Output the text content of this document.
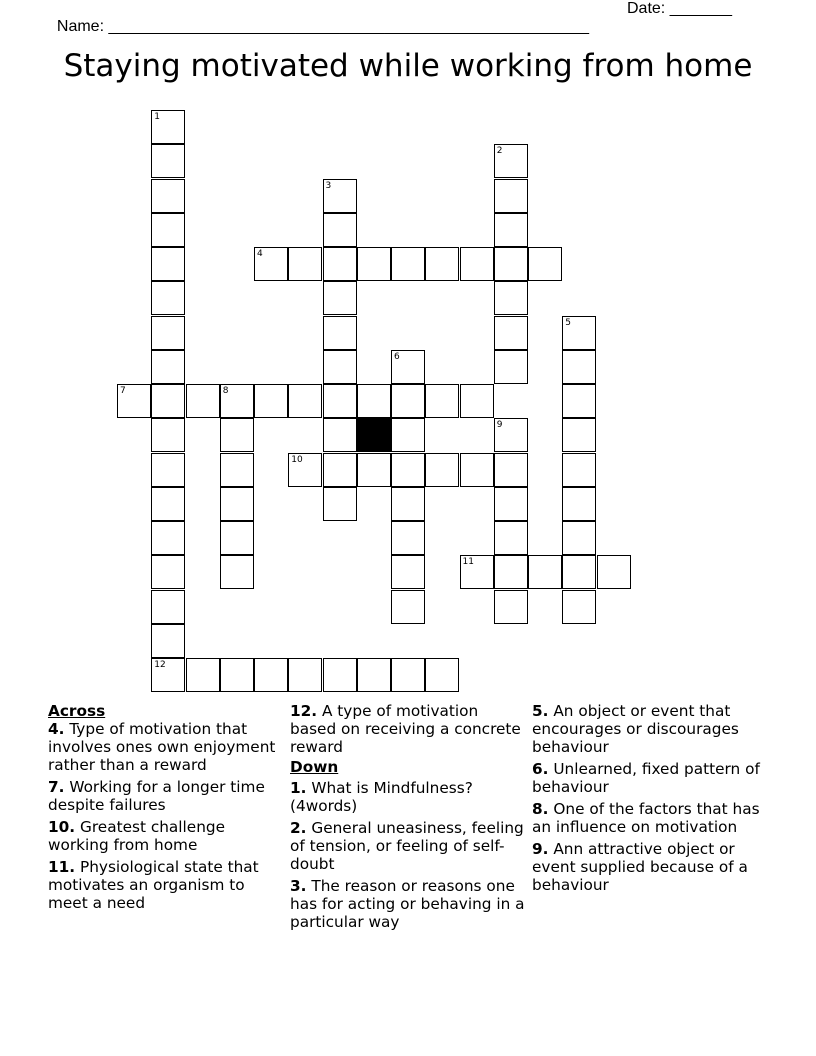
Name: ______________________________________________________

Date: _______

Staying motivated while working from home
1
2
3
4
5
6
7	8
9
10
11
12
Across
4. Type of motivation that involves ones own enjoyment rather than a reward
7. Working for a longer time despite failures
10. Greatest challenge working from home
11. Physiological state that motivates an organism to meet a need
12. A type of motivation based on receiving a concrete reward
Down
1. What is Mindfulness? (4words)
2. General uneasiness, feeling of tension, or feeling of self-doubt
3. The reason or reasons one has for acting or behaving in a particular way
5. An object or event that encourages or discourages behaviour
6. Unlearned, fixed pattern of behaviour
8. One of the factors that has an influence on motivation
9. Ann attractive object or event supplied because of a behaviour
